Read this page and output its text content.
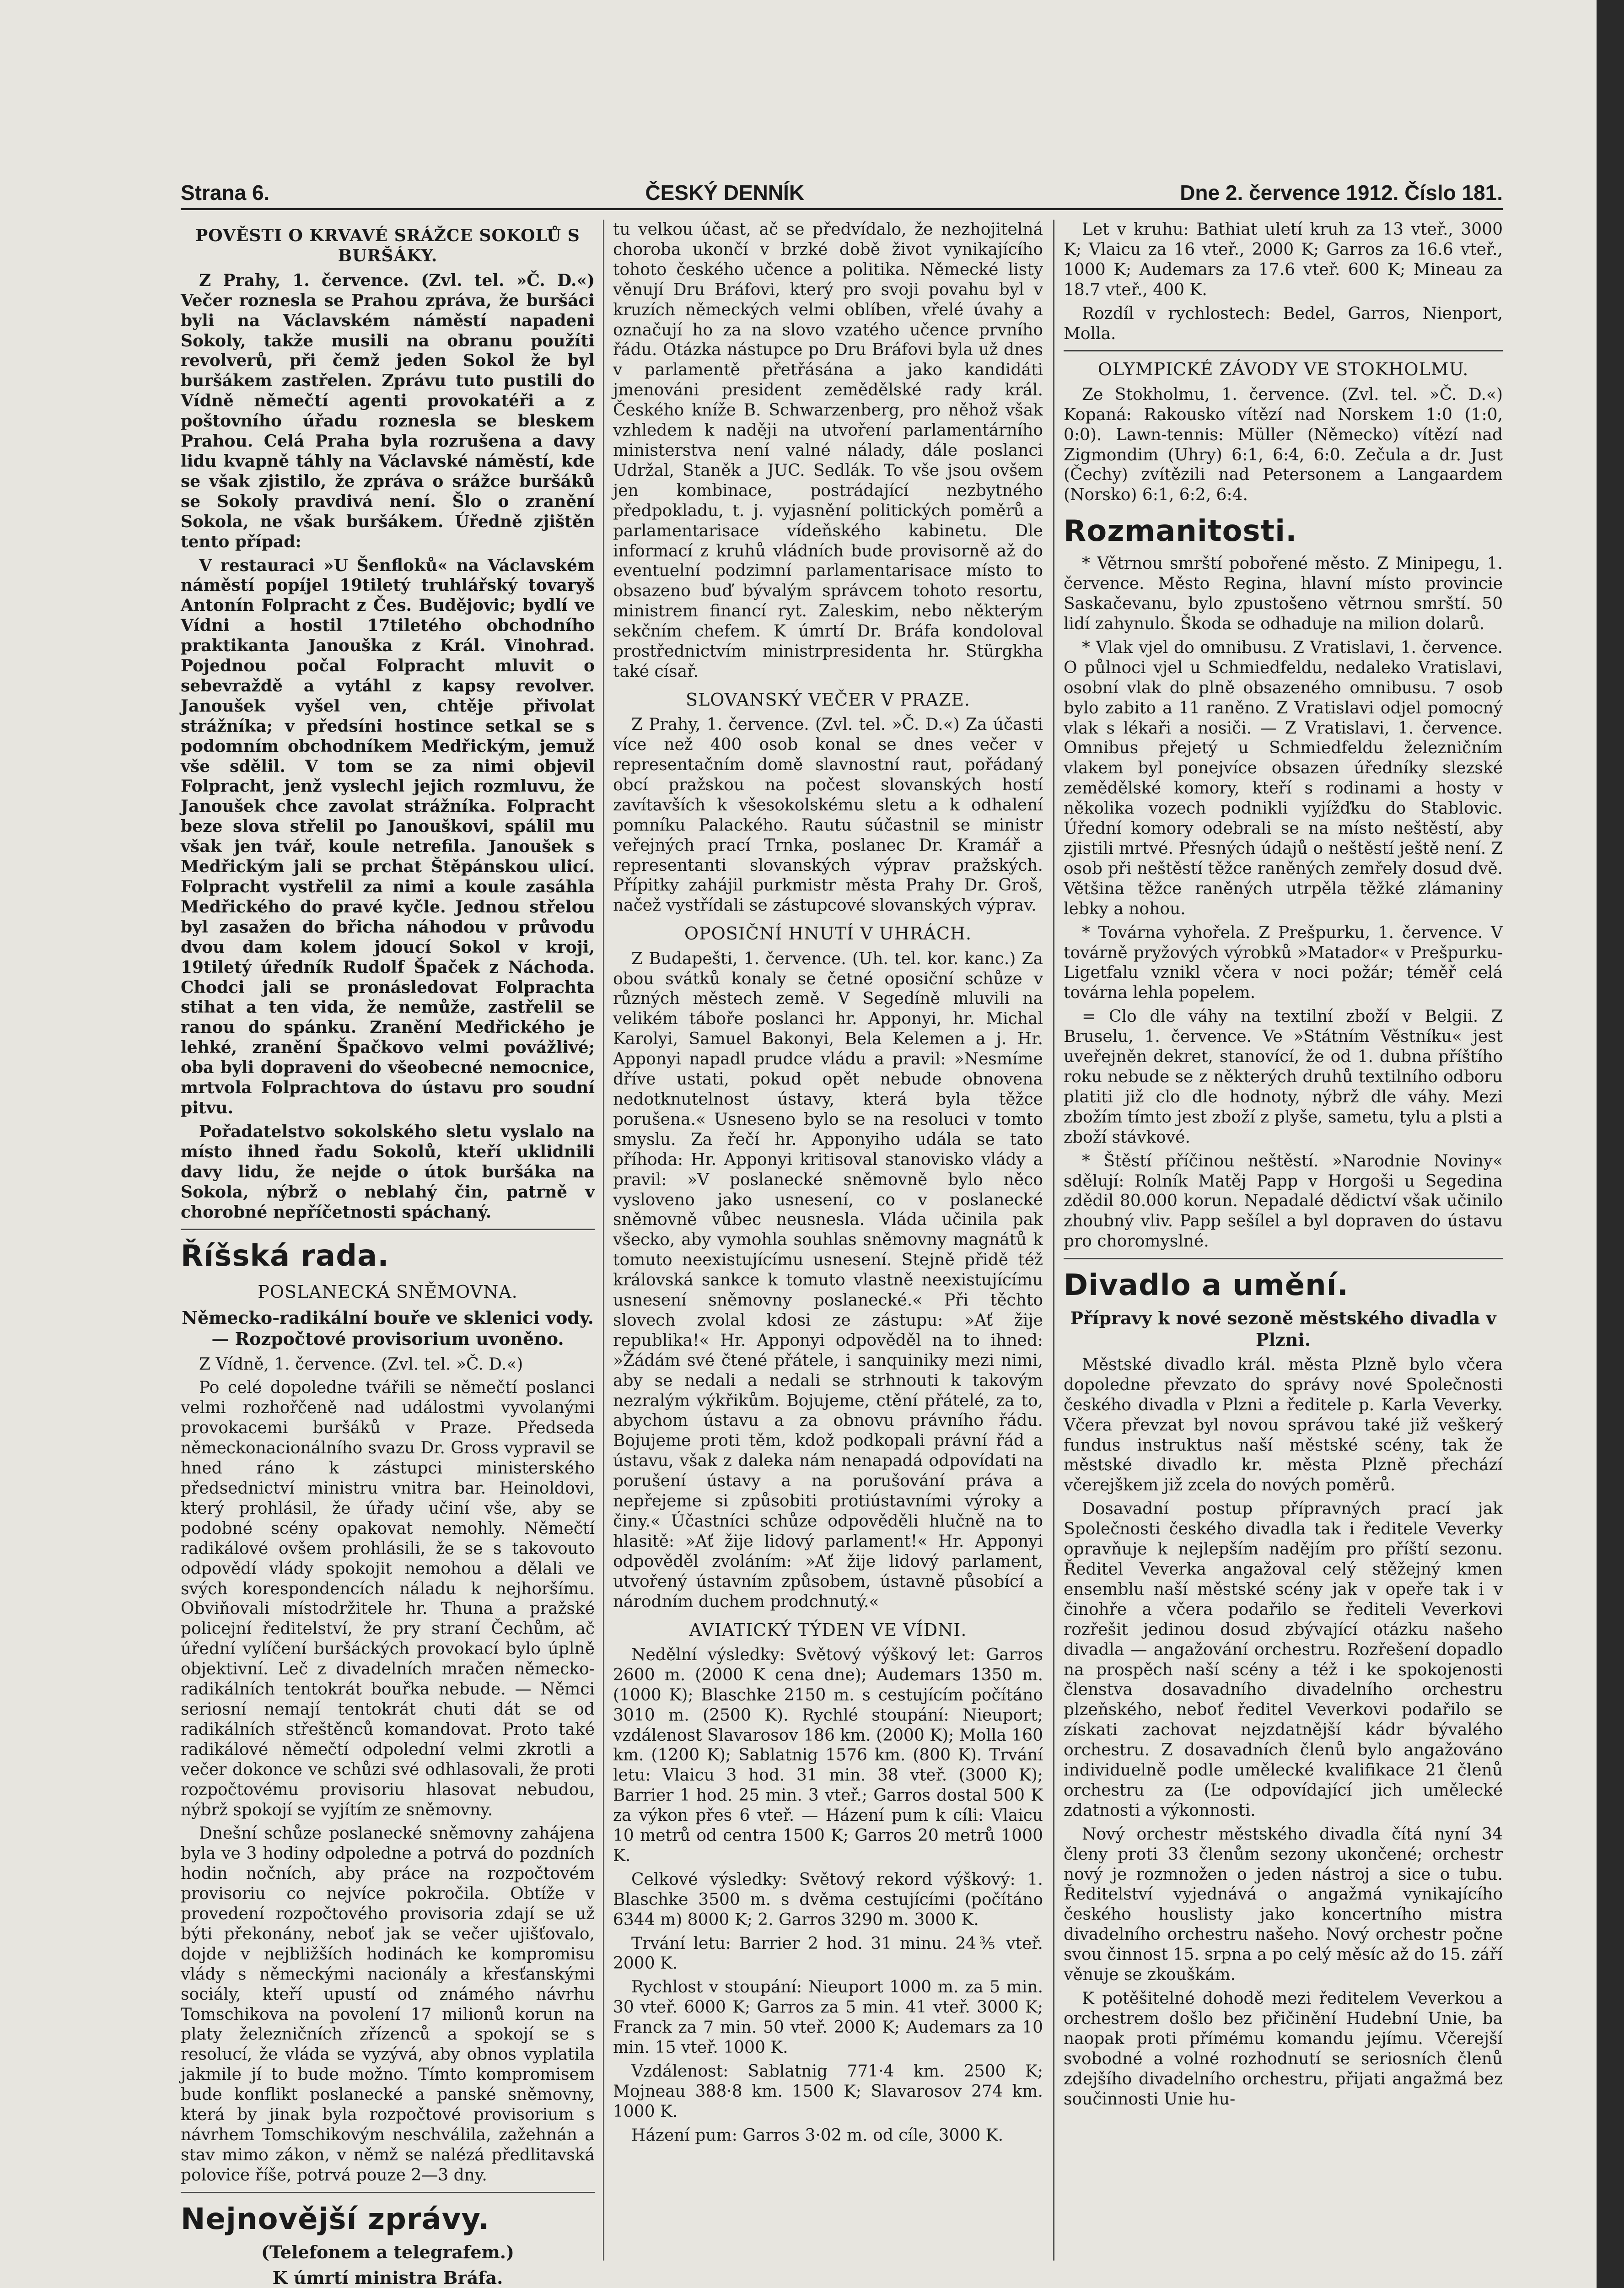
Strana 6.	ČESKÝ DENNÍK	Dne 2. července 1912. Číslo 181.
POVĚSTI O KRVAVÉ SRÁŽCE SOKOLŮ S BURŠÁKY.

Z Prahy, 1. července. (Zvl. tel. »Č. D.«) Večer roznesla se Prahou zpráva, že buršáci byli na Václavském náměstí napadeni Sokoly, takže musili na obranu použíti revolverů, při čemž jeden Sokol že byl buršákem zastřelen. Zprávu tuto pustili do Vídně němečtí agenti provokatéři a z poštovního úřadu roznesla se bleskem Prahou. Celá Praha byla rozrušena a davy lidu kvapně táhly na Václavské náměstí, kde se však zjistilo, že zpráva o srážce buršáků se Sokoly pravdivá není. Šlo o zranění Sokola, ne však buršákem. Úředně zjištěn tento případ:

V restauraci »U Šenfloků« na Václavském náměstí popíjel 19tiletý truhlářský tovaryš Antonín Folpracht z Čes. Budějovic; bydlí ve Vídni a hostil 17tiletého obchodního praktikanta Janouška z Král. Vinohrad. Pojednou počal Folpracht mluvit o sebevraždě a vytáhl z kapsy revolver. Janoušek vyšel ven, chtěje přivolat strážníka; v předsíni hostince setkal se s podomním obchodníkem Medřickým, jemuž vše sdělil. V tom se za nimi objevil Folpracht, jenž vyslechl jejich rozmluvu, že Janoušek chce zavolat strážníka. Folpracht beze slova střelil po Janouškovi, spálil mu však jen tvář, koule netrefila. Janoušek s Medřickým jali se prchat Štěpánskou ulicí. Folpracht vystřelil za nimi a koule zasáhla Medřického do pravé kyčle. Jednou střelou byl zasažen do břicha náhodou v průvodu dvou dam kolem jdoucí Sokol v kroji, 19tiletý úředník Rudolf Špaček z Náchoda. Chodci jali se pronásledovat Folprachta stihat a ten vida, že nemůže, zastřelil se ranou do spánku. Zranění Medřického je lehké, zranění Špačkovo velmi povážlivé; oba byli dopraveni do všeobecné nemocnice, mrtvola Folprachtova do ústavu pro soudní pitvu.

Pořadatelstvo sokolského sletu vyslalo na místo ihned řadu Sokolů, kteří uklidnili davy lidu, že nejde o útok buršáka na Sokola, nýbrž o neblahý čin, patrně v chorobné nepříčetnosti spáchaný.

Říšská rada.
POSLANECKÁ SNĚMOVNA.
Německo-radikální bouře ve sklenici vody. — Rozpočtové provisorium uvoněno.

Z Vídně, 1. července. (Zvl. tel. »Č. D.«)

Po celé dopoledne tvářili se němečtí poslanci velmi rozhořčeně nad událostmi vyvolanými provokacemi buršáků v Praze. Předseda německonacionálního svazu Dr. Gross vypravil se hned ráno k zástupci ministerského předsednictví ministru vnitra bar. Heinoldovi, který prohlásil, že úřady učiní vše, aby se podobné scény opakovat nemohly. Němečtí radikálové ovšem prohlásili, že se s takovouto odpovědí vlády spokojit nemohou a dělali ve svých korespondencích náladu k nejhoršímu. Obviňovali místodržitele hr. Thuna a pražské policejní ředitelství, že pry straní Čechům, ač úřední vylíčení buršáckých provokací bylo úplně objektivní. Leč z divadelních mračen německo-radikálních tentokrát bouřka nebude. — Němci seriosní nemají tentokrát chuti dát se od radikálních střeštěnců komandovat. Proto také radikálové němečtí odpolední velmi zkrotli a večer dokonce ve schůzi své odhlasovali, že proti rozpočtovému provisoriu hlasovat nebudou, nýbrž spokojí se vyjítím ze sněmovny.

Dnešní schůze poslanecké sněmovny zahájena byla ve 3 hodiny odpoledne a potrvá do pozdních hodin nočních, aby práce na rozpočtovém provisoriu co nejvíce pokročila. Obtíže v provedení rozpočtového provisoria zdají se už býti překonány, neboť jak se večer ujišťovalo, dojde v nejbližších hodinách ke kompromisu vlády s německými nacionály a křesťanskými sociály, kteří upustí od známého návrhu Tomschikova na povolení 17 milionů korun na platy železničních zřízenců a spokojí se s resolucí, že vláda se vyzývá, aby obnos vyplatila jakmile jí to bude možno. Tímto kompromisem bude konflikt poslanecké a panské sněmovny, která by jinak byla rozpočtové provisorium s návrhem Tomschikovým neschválila, zažehnán a stav mimo zákon, v němž se nalézá předlitavská polovice říše, potrvá pouze 2—3 dny.

Nejnovější zprávy.
(Telefonem a telegrafem.)
K úmrtí ministra Bráfa.

tu velkou účast, ač se předvídalo, že nezhojitelná choroba ukončí v brzké době život vynikajícího tohoto českého učence a politika. Německé listy věnují Dru Bráfovi, který pro svoji povahu byl v kruzích německých velmi oblíben, vřelé úvahy a označují ho za na slovo vzatého učence prvního řádu. Otázka nástupce po Dru Bráfovi byla už dnes v parlamentě přetřásána a jako kandidáti jmenováni president zemědělské rady král. Českého kníže B. Schwarzenberg, pro něhož však vzhledem k naději na utvoření parlamentárního ministerstva není valné nálady, dále poslanci Udržal, Staněk a JUC. Sedlák. To vše jsou ovšem jen kombinace, postrádající nezbytného předpokladu, t. j. vyjasnění politických poměrů a parlamentarisace vídeňského kabinetu. Dle informací z kruhů vládních bude provisorně až do eventuelní podzimní parlamentarisace místo to obsazeno buď bývalým správcem tohoto resortu, ministrem financí ryt. Zaleskim, nebo některým sekčním chefem. K úmrtí Dr. Bráfa kondoloval prostřednictvím ministrpresidenta hr. Stürgkha také císař.

SLOVANSKÝ VEČER V PRAZE.

Z Prahy, 1. července. (Zvl. tel. »Č. D.«) Za účasti více než 400 osob konal se dnes večer v representačním domě slavnostní raut, pořádaný obcí pražskou na počest slovanských hostí zavítavších k všesokolskému sletu a k odhalení pomníku Palackého. Rautu súčastnil se ministr veřejných prací Trnka, poslanec Dr. Kramář a representanti slovanských výprav pražských. Přípitky zahájil purkmistr města Prahy Dr. Groš, načež vystřídali se zástupcové slovanských výprav.

OPOSIČNÍ HNUTÍ V UHRÁCH.

Z Budapešti, 1. července. (Uh. tel. kor. kanc.) Za obou svátků konaly se četné oposiční schůze v různých městech země. V Segedíně mluvili na velikém táboře poslanci hr. Apponyi, hr. Michal Karolyi, Samuel Bakonyi, Bela Kelemen a j. Hr. Apponyi napadl prudce vládu a pravil: »Nesmíme dříve ustati, pokud opět nebude obnovena nedotknutelnost ústavy, která byla těžce porušena.« Usneseno bylo se na resoluci v tomto smyslu. Za řečí hr. Apponyiho udála se tato příhoda: Hr. Apponyi kritisoval stanovisko vlády a pravil: »V poslanecké sněmovně bylo něco vysloveno jako usnesení, co v poslanecké sněmovně vůbec neusnesla. Vláda učinila pak všecko, aby vymohla souhlas sněmovny magnátů k tomuto neexistujícímu usnesení. Stejně přidě též královská sankce k tomuto vlastně neexistujícímu usnesení sněmovny poslanecké.« Při těchto slovech zvolal kdosi ze zástupu: »Ať žije republika!« Hr. Apponyi odpověděl na to ihned: »Žádám své čtené přátele, i sanquiniky mezi nimi, aby se nedali a nedali se strhnouti k takovým nezralým výkřikům. Bojujeme, ctění přátelé, za to, abychom ústavu a za obnovu právního řádu. Bojujeme proti těm, kdož podkopali právní řád a ústavu, však z daleka nám nenapadá odpovídati na porušení ústavy a na porušování práva a nepřejeme si způsobiti protiústavními výroky a činy.« Účastníci schůze odpověděli hlučně na to hlasitě: »Ať žije lidový parlament!« Hr. Apponyi odpověděl zvoláním: »Ať žije lidový parlament, utvořený ústavním způsobem, ústavně působící a národním duchem prodchnutý.«

AVIATICKÝ TÝDEN VE VÍDNI.

Nedělní výsledky: Světový výškový let: Garros 2600 m. (2000 K cena dne); Audemars 1350 m. (1000 K); Blaschke 2150 m. s cestujícím počítáno 3010 m. (2500 K). Rychlé stoupání: Nieuport; vzdálenost Slavarosov 186 km. (2000 K); Molla 160 km. (1200 K); Sablatnig 1576 km. (800 K). Trvání letu: Vlaicu 3 hod. 31 min. 38 vteř. (3000 K); Barrier 1 hod. 25 min. 3 vteř.; Garros dostal 500 K za výkon přes 6 vteř. — Házení pum k cíli: Vlaicu 10 metrů od centra 1500 K; Garros 20 metrů 1000 K.

Celkové výsledky: Světový rekord výškový: 1. Blaschke 3500 m. s dvěma cestujícími (počítáno 6344 m) 8000 K; 2. Garros 3290 m. 3000 K.

Trvání letu: Barrier 2 hod. 31 minu. 24⅗ vteř. 2000 K.

Rychlost v stoupání: Nieuport 1000 m. za 5 min. 30 vteř. 6000 K; Garros za 5 min. 41 vteř. 3000 K; Franck za 7 min. 50 vteř. 2000 K; Audemars za 10 min. 15 vteř. 1000 K.

Vzdálenost: Sablatnig 771·4 km. 2500 K; Mojneau 388·8 km. 1500 K; Slavarosov 274 km. 1000 K.

Házení pum: Garros 3·02 m. od cíle, 3000 K.

Let v kruhu: Bathiat uletí kruh za 13 vteř., 3000 K; Vlaicu za 16 vteř., 2000 K; Garros za 16.6 vteř., 1000 K; Audemars za 17.6 vteř. 600 K; Mineau za 18.7 vteř., 400 K.

Rozdíl v rychlostech: Bedel, Garros, Nienport, Molla.

OLYMPICKÉ ZÁVODY VE STOKHOLMU.

Ze Stokholmu, 1. července. (Zvl. tel. »Č. D.«) Kopaná: Rakousko vítězí nad Norskem 1:0 (1:0, 0:0). Lawn-tennis: Müller (Německo) vítězí nad Zigmondim (Uhry) 6:1, 6:4, 6:0. Zečula a dr. Just (Čechy) zvítězili nad Petersonem a Langaardem (Norsko) 6:1, 6:2, 6:4.

Rozmanitosti.

* Větrnou smrští pobořené město. Z Minipegu, 1. července. Město Regina, hlavní místo provincie Saskačevanu, bylo zpustošeno větrnou smrští. 50 lidí zahynulo. Škoda se odhaduje na milion dolarů.

* Vlak vjel do omnibusu. Z Vratislavi, 1. července. O půlnoci vjel u Schmiedfeldu, nedaleko Vratislavi, osobní vlak do plně obsazeného omnibusu. 7 osob bylo zabito a 11 raněno. Z Vratislavi odjel pomocný vlak s lékaři a nosiči. — Z Vratislavi, 1. července. Omnibus přejetý u Schmiedfeldu železničním vlakem byl ponejvíce obsazen úředníky slezské zemědělské komory, kteří s rodinami a hosty v několika vozech podnikli vyjížďku do Stablovic. Úřední komory odebrali se na místo neštěstí, aby zjistili mrtvé. Přesných údajů o neštěstí ještě není. Z osob při neštěstí těžce raněných zemřely dosud dvě. Většina těžce raněných utrpěla těžké zlámaniny lebky a nohou.

* Továrna vyhořela. Z Prešpurku, 1. července. V továrně pryžových výrobků »Matador« v Prešpurku-Ligetfalu vznikl včera v noci požár; téměř celá továrna lehla popelem.

= Clo dle váhy na textilní zboží v Belgii. Z Bruselu, 1. července. Ve »Státním Věstníku« jest uveřejněn dekret, stanovící, že od 1. dubna příštího roku nebude se z některých druhů textilního odboru platiti již clo dle hodnoty, nýbrž dle váhy. Mezi zbožím tímto jest zboží z plyše, sametu, tylu a plsti a zboží stávkové.

* Štěstí příčinou neštěstí. »Narodnie Noviny« sdělují: Rolník Matěj Papp v Horgoši u Segedina zdědil 80.000 korun. Nepadalé dědictví však učinilo zhoubný vliv. Papp sešílel a byl dopraven do ústavu pro choromyslné.

Divadlo a umění.
Přípravy k nové sezoně městského divadla v Plzni.

Městské divadlo král. města Plzně bylo včera dopoledne převzato do správy nové Společnosti českého divadla v Plzni a ředitele p. Karla Veverky. Včera převzat byl novou správou také již veškerý fundus instruktus naší městské scény, tak že městské divadlo kr. města Plzně přechází včerejškem již zcela do nových poměrů.

Dosavadní postup přípravných prací jak Společnosti českého divadla tak i ředitele Veverky opravňuje k nejlepším nadějím pro příští sezonu. Ředitel Veverka angažoval celý stěžejný kmen ensemblu naší městské scény jak v opeře tak i v činohře a včera podařilo se řediteli Veverkovi rozřešit jedinou dosud zbývající otázku našeho divadla — angažování orchestru. Rozřešení dopadlo na prospěch naší scény a též i ke spokojenosti členstva dosavadního divadelního orchestru plzeňského, neboť ředitel Veverkovi podařilo se získati zachovat nejzdatnější kádr bývalého orchestru. Z dosavadních členů bylo angažováno individuelně podle umělecké kvalifikace 21 členů orchestru za (Ŀe odpovídající jich umělecké zdatnosti a výkonnosti.

Nový orchestr městského divadla čítá nyní 34 členy proti 33 členům sezony ukončené; orchestr nový je rozmnožen o jeden nástroj a sice o tubu. Ředitelství vyjednává o angažmá vynikajícího českého houslisty jako koncertního mistra divadelního orchestru našeho. Nový orchestr počne svou činnost 15. srpna a po celý měsíc až do 15. září věnuje se zkouškám.

K potěšitelné dohodě mezi ředitelem Veverkou a orchestrem došlo bez přičinění Hudební Unie, ba naopak proti přímému komandu jejímu. Včerejší svobodné a volné rozhodnutí se seriosních členů zdejšího divadelního orchestru, přijati angažmá bez součinnosti Unie hu-
